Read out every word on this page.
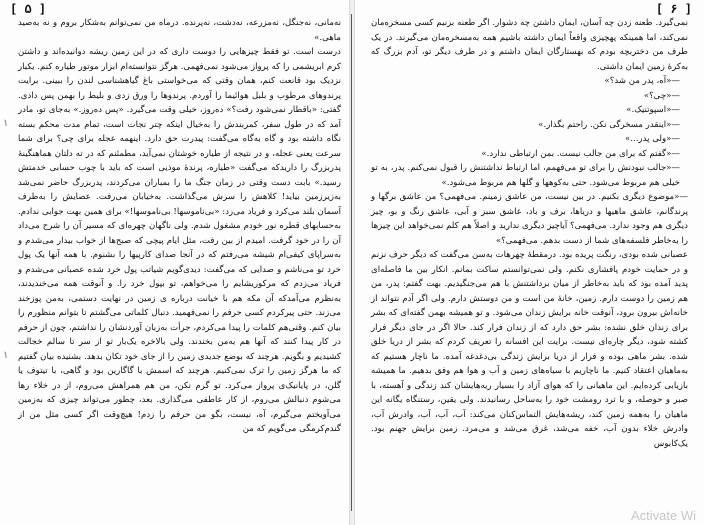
[ ۵ ]
١
١

نه‌مانی، نه‌جنگل، نه‌مزرعه، نه‌دشت، نه‌پرنده. درماه من نمی‌توانم به‌شکار بروم و نه به‌صید ماهی.»

درست است. تو فقط چیزهایی را دوست داری که در این زمین ریشه دوانیده‌اند و داشتن کرم ابریشمی را که پرواز می‌شود نمی‌فهمی. هرگز نتوانسته‌ام ابزار موتور طیاره کنم. یکبار نزدیک بود قانعت کنم، همان وقتی که می‌خواستی باغ گیاهشناسی لندن را ببینی. برایت پرندوهای مرطوب و بلبل هوائیما را آوردم. پرندوها را ورق زدی و بلیط را بهمن پس دادی. گفتی: «باقطار نمی‌شود رفت؟» ده‌روز، خیلی وقت می‌گیرد. «پس ده‌روز.» به‌جای تو، مادر آمد که در طول سفر، کمربندش را به‌خیال اینکه چتر نجات است، تمام مدت محکم بسته نگاه داشته بود و گاه به‌گاه می‌گفت: پیدرت حق دارد. اینهمه عجله برای چی؟ برای شما سرعت یعنی عجله، و در نتیجه از طیاره خوشتان نمی‌آید، مطمئنم که در ته دلتان هماهنگینهٔ پدربزرگ را داریدکه می‌گفت «طیاره، پرندهٔ موذیی است که باید با چوب حسابی خدمتش رسید.» بابت دست وقتی در زمان جنگ ما را بمباران می‌کردند، پدربزرگ حاضر نمی‌شد به‌زیرزمین بیاید! کلاهش را سرش می‌گذاشت. به‌خیابان می‌رفت. عصایش را به‌طرف آسمان بلند می‌کرد و فریاد می‌زد: «بی‌ناموسها! بی‌ناموسها!» برای همین بهت جوابی ندادم. به‌حسابهای قطره نور خودم مشغول شدم. ولی ناگهان چهره‌ای که مسیر آن را شرح می‌داد آن را در خود گرفت. امیدم از بین رفت، مثل ایام پیچی که صبح‌ها از خواب بیدار می‌شدم و به‌سراپای کیفی‌ام شیشه می‌رفتم که در آنجا صدای کارپیها را بشنوم. با همه آنها یک پول خرد تو می‌ناشم و صدایی که می‌گفت: دیدی‌گویم شیاتب پول خرد شده عصبانی می‌شدم و فریاد می‌زدم که مرکوریشایم را می‌خواهم، تو بپول خرد را. و آنوقت همه می‌خندیدند، به‌نظرم می‌آمدکه آن مکه هم با خیانت درباره ی زمین در نهایت دستمی، به‌من پوزخند می‌زند. حتی پیرکردم کسی حرفم را نمی‌فهمید. دنبال کلماتی می‌گشتم تا بتوانم منظورم را بیان کنم. وقتی‌هم کلمات را پیدا می‌کردم، جرأت به‌زبان آوردنشان را نداشتم، چون از حرفم در کار پیدا کنند که آنها هم به‌من بخندند. ولی بالاخره یک‌بار تو از سر تا سالم خجالت کشیدیم و بگویم. هرچند که بوضع جدیدی زمین را از جای خود تکان بدهد. بشنیده بیان گفتیم که ما هرگز زمین را ترک نمی‌کنیم. هرچند که اسمش با گاگارین بود و گاهی، با تیتوف یا گلن، در پایانیک‌ی پرواز می‌کرد. تو گرم نکن، من هم همراهش می‌روم، از در خلاء رها می‌شوم دنبالش می‌روم، از کار عاطفی می‌گذاری. بعد، چطور می‌تواند چیزی که به‌زمین می‌آویختم می‌گیرم، آه، نیست، بگو من حرفم را زدم! هیچ‌وقت اگر کسی مثل من از گندم‌کرمگی می‌گویم که من

[ ۶ ]

نمی‌گیرد. طعنه زدن چه آسان، ایمان داشتن چه دشوار. اگر طعنه بزنیم کسی مسخره‌مان نمی‌کند، اما همینکه پهچیزی واقعاً ایمان داشته باشیم همه به‌مسخره‌مان می‌گیرند. در یک طرف من دختربچه بودم که بهستارگان ایمان داشتم و در طرف دیگر تو، آدم بزرگ که به‌کرهٔ زمین ایمان داشتی.

—«آه، پدر من شد؟»

—«چی؟»

—«اسپوتنیک.»

—«اینقدر مسخرگی نکن. راحتم بگذار.»

—«ولی پدر...»

—«گفتم که برای من جالب نیست. بمن ارتباطی ندارد.»

—«جالب نبودنش را برای تو می‌فهمم، اما ارتباط نداشتنش را قبول نمی‌کنم. پدر، به تو خیلی هم مربوط می‌شود. حتی به‌کوهها و گلها هم مربوط می‌شود.»

—«موضوع دیگری بکنیم. در بین نیست، من عاشق زمینم. می‌فهمی؟ من عاشق برگها و پرندگانم، عاشق ماهیها و دریاها، برف و باد، عاشق سبز و آبی، عاشق رنگ و بو، چیز دیگری هم وجود ندارد. می‌فهمی؟ آیاچیز دیگری ندارید و اصلاً هم کلم نمی‌خواهد این چیزها را به‌خاطر فلسفه‌های شما از دست بدهم. می‌فهمی؟»

عصبانی شده بودی، رنگت پریده بود. درمقطهٔ چهرهات به‌سن می‌گفت که دیگر حرف نزنم و در حمایت خودم پافشاری نکنم. ولی نمی‌توانستم ساکت بمانم. انکار بین ما فاصله‌ای پدید آمده بود که باید به‌خاطر از میان برداشتنش با هم می‌جنگیدیم. بهت گفتم: پدر، من هم زمین را دوست دارم. زمین، خانهٔ من است و من دوستش دارم. ولی اگر آدم نتواند از خانه‌اش بیرون برود، آنوقت خانه برایش زندان می‌شود. و تو همیشه بهمن گفته‌ای که بشر برای زندان خلق نشده: بشر حق دارد که از زندان فرار کند. حالا اگر در جای دیگر فرار کشته شود، دیگر چاره‌ای نیست. برایت این افسانه را تعریف کردم که بشر از دریا خلق شده. بشر ماهی بوده و فرار از دریا برایش زندگی بی‌دغدغه آمده. ما ناچار هستیم که به‌ماهیان اعتقاد کنیم. ما ناچاریم با سیاه‌های زمین و آب و هوا هم وفق بدهیم. ما همیشه بازیابی کرده‌ایم. این ماهیانی را که هوای آزاد را بسیار ریه‌هایشان کند زندگی و آهسته، با صبر و حوصله، و با ترد رومشت خود را به‌ساحل رسانیدند. ولی یقین، رستنگاه یگانه این ماهیان را به‌همه زمین کند، ریشه‌هایش التماس‌کنان می‌کند: آب، آب، آب، وادرش آب، وادرش خلاء بدون آب، خفه می‌شد، غرق می‌شد و می‌مرد. زمین برایش جهنم بود. یک‌کابوس

Activate Wi
